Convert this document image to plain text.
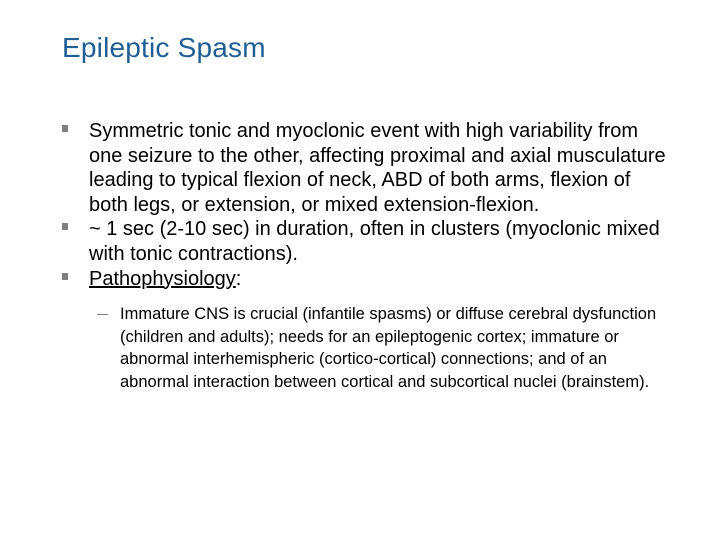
Epileptic Spasm
Symmetric tonic and myoclonic event with high variability from one seizure to the other, affecting proximal and axial musculature leading to typical flexion of neck, ABD of both arms, flexion of both legs, or extension, or mixed extension-flexion.
~ 1 sec (2-10 sec) in duration, often in clusters (myoclonic mixed with tonic contractions).
Pathophysiology:
Immature CNS is crucial (infantile spasms) or diffuse cerebral dysfunction (children and adults); needs for an epileptogenic cortex; immature or abnormal interhemispheric (cortico-cortical) connections; and of an abnormal interaction between cortical and subcortical nuclei (brainstem).
